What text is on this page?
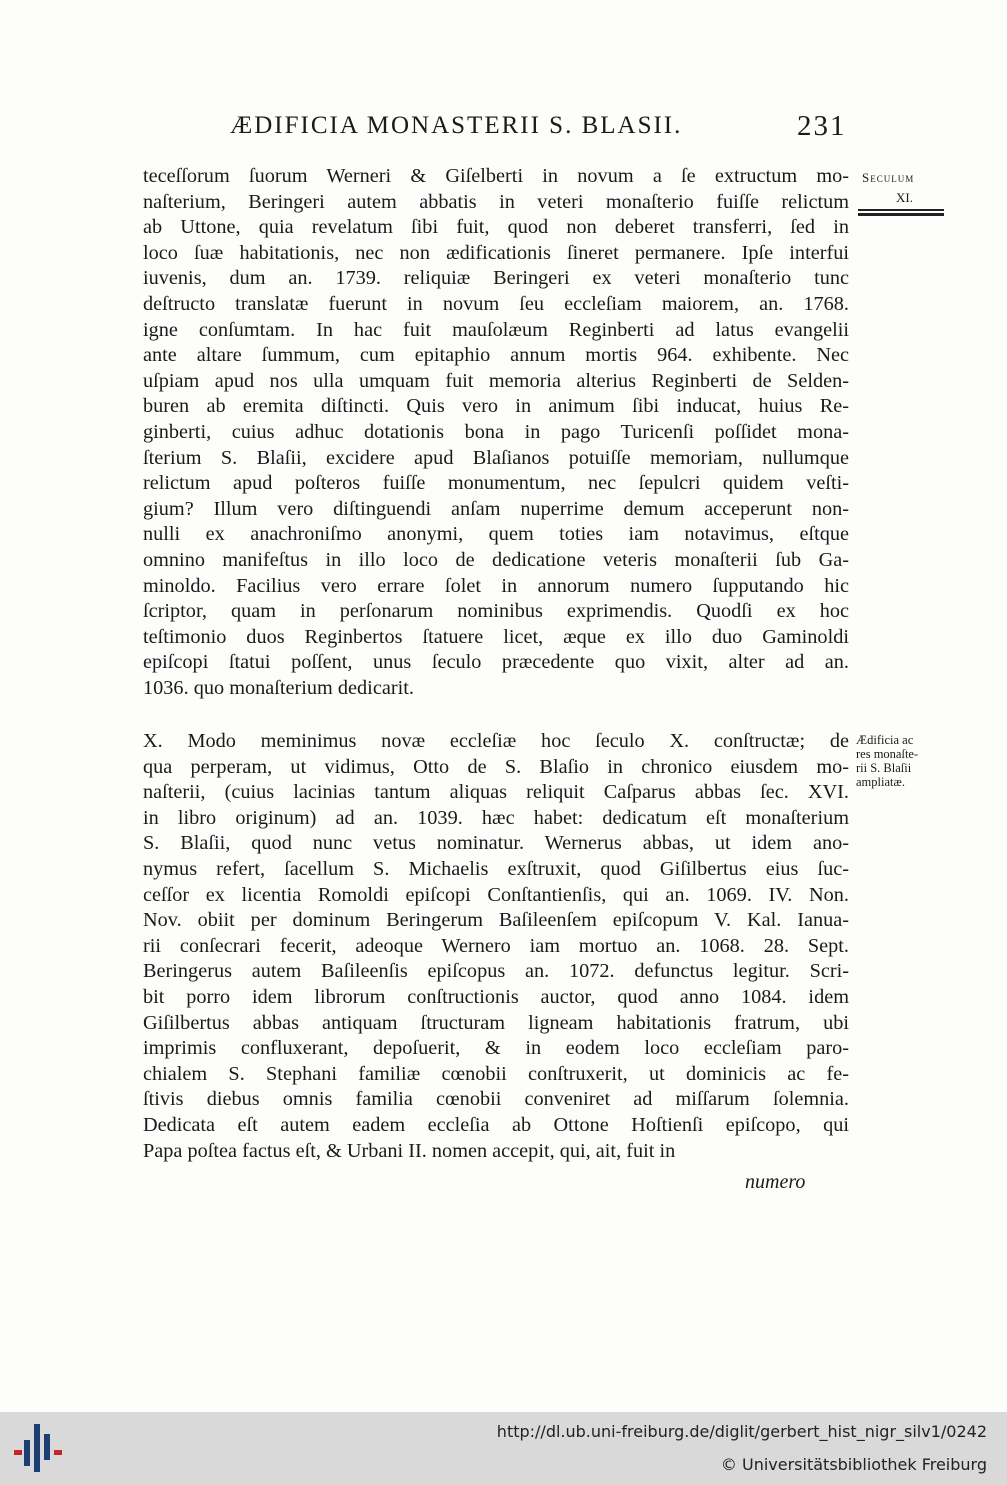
ÆDIFICIA MONASTERII S. BLASII.	231
Seculum
XI.
Ædificia ac
res monaſte-
rii S. Blaſii
ampliatæ.
teceſſorum ſuorum Werneri & Giſelberti in novum a ſe extructum mo-
naſterium, Beringeri autem abbatis in veteri monaſterio fuiſſe relictum
ab Uttone, quia revelatum ſibi fuit, quod non deberet transferri, ſed in
loco ſuæ habitationis, nec non ædificationis ſineret permanere. Ipſe interfui
iuvenis, dum an. 1739. reliquiæ Beringeri ex veteri monaſterio tunc
deſtructo translatæ fuerunt in novum ſeu eccleſiam maiorem, an. 1768.
igne conſumtam. In hac fuit mauſolæum Reginberti ad latus evangelii
ante altare ſummum, cum epitaphio annum mortis 964. exhibente. Nec
uſpiam apud nos ulla umquam fuit memoria alterius Reginberti de Selden-
buren ab eremita diſtincti. Quis vero in animum ſibi inducat, huius Re-
ginberti, cuius adhuc dotationis bona in pago Turicenſi poſſidet mona-
ſterium S. Blaſii, excidere apud Blaſianos potuiſſe memoriam, nullumque
relictum apud poſteros fuiſſe monumentum, nec ſepulcri quidem veſti-
gium? Illum vero diſtinguendi anſam nuperrime demum acceperunt non-
nulli ex anachroniſmo anonymi, quem toties iam notavimus, eſtque
omnino manifeſtus in illo loco de dedicatione veteris monaſterii ſub Ga-
minoldo. Facilius vero errare ſolet in annorum numero ſupputando hic
ſcriptor, quam in perſonarum nominibus exprimendis. Quodſi ex hoc
teſtimonio duos Reginbertos ſtatuere licet, æque ex illo duo Gaminoldi
epiſcopi ſtatui poſſent, unus ſeculo præcedente quo vixit, alter ad an.
1036. quo monaſterium dedicarit.
X. Modo meminimus novæ eccleſiæ hoc ſeculo X. conſtructæ; de
qua perperam, ut vidimus, Otto de S. Blaſio in chronico eiusdem mo-
naſterii, (cuius lacinias tantum aliquas reliquit Caſparus abbas ſec. XVI.
in libro originum) ad an. 1039. hæc habet: dedicatum eſt monaſterium
S. Blaſii, quod nunc vetus nominatur. Wernerus abbas, ut idem ano-
nymus refert, ſacellum S. Michaelis exſtruxit, quod Giſilbertus eius ſuc-
ceſſor ex licentia Romoldi epiſcopi Conſtantienſis, qui an. 1069. IV. Non.
Nov. obiit per dominum Beringerum Baſileenſem epiſcopum V. Kal. Ianua-
rii conſecrari fecerit, adeoque Wernero iam mortuo an. 1068. 28. Sept.
Beringerus autem Baſileenſis epiſcopus an. 1072. defunctus legitur. Scri-
bit porro idem librorum conſtructionis auctor, quod anno 1084. idem
Giſilbertus abbas antiquam ſtructuram ligneam habitationis fratrum, ubi
imprimis confluxerant, depoſuerit, & in eodem loco eccleſiam paro-
chialem S. Stephani familiæ cœnobii conſtruxerit, ut dominicis ac fe-
ſtivis diebus omnis familia cœnobii conveniret ad miſſarum ſolemnia.
Dedicata eſt autem eadem eccleſia ab Ottone Hoſtienſi epiſcopo, qui
Papa poſtea factus eſt, & Urbani II. nomen accepit, qui, ait, fuit in
numero
http://dl.ub.uni-freiburg.de/diglit/gerbert_hist_nigr_silv1/0242
© Universitätsbibliothek Freiburg
